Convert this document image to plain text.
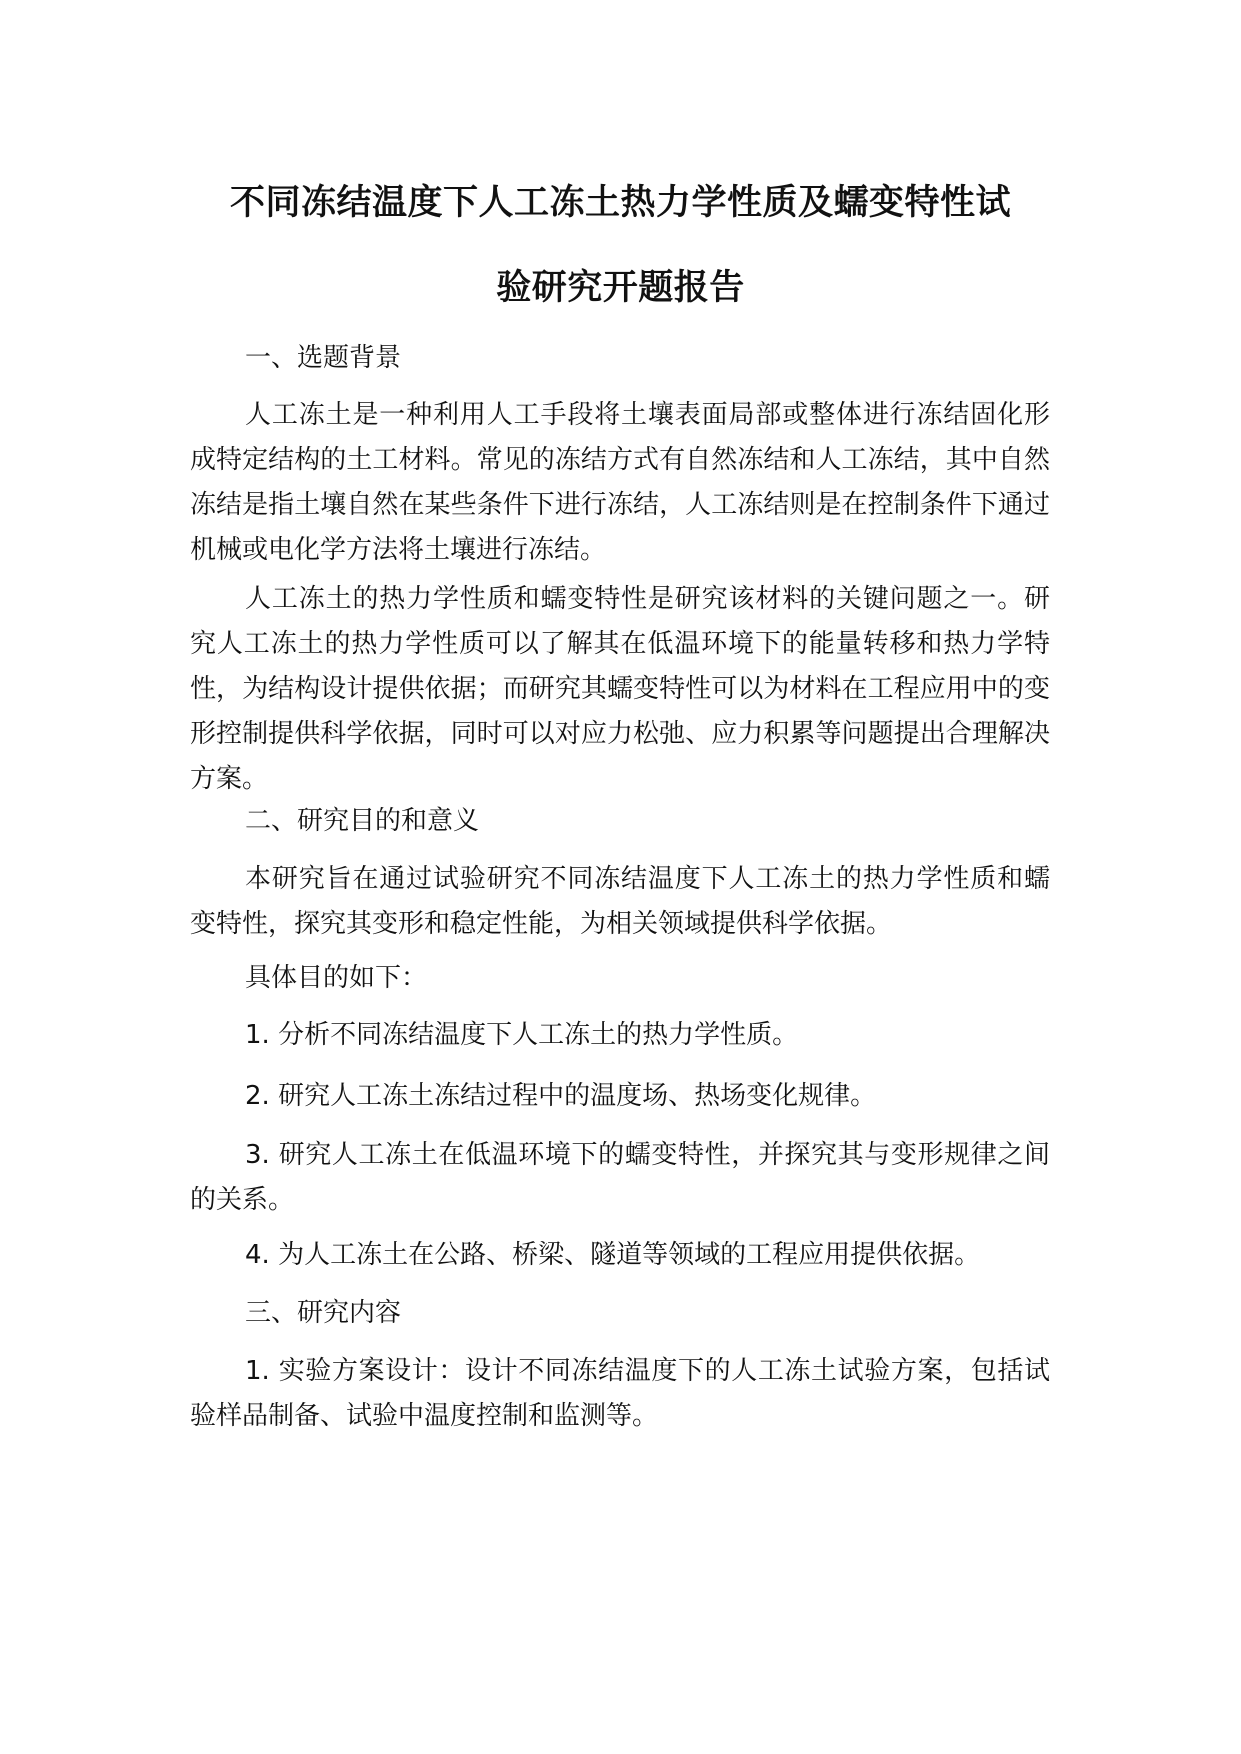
不同冻结温度下人工冻土热力学性质及蠕变特性试
验研究开题报告

一、选题背景

人工冻土是一种利用人工手段将土壤表面局部或整体进行冻结固化形成特定结构的土工材料。常见的冻结方式有自然冻结和人工冻结，其中自然冻结是指土壤自然在某些条件下进行冻结，人工冻结则是在控制条件下通过机械或电化学方法将土壤进行冻结。

人工冻土的热力学性质和蠕变特性是研究该材料的关键问题之一。研究人工冻土的热力学性质可以了解其在低温环境下的能量转移和热力学特性，为结构设计提供依据；而研究其蠕变特性可以为材料在工程应用中的变形控制提供科学依据，同时可以对应力松弛、应力积累等问题提出合理解决方案。

二、研究目的和意义

本研究旨在通过试验研究不同冻结温度下人工冻土的热力学性质和蠕变特性，探究其变形和稳定性能，为相关领域提供科学依据。

具体目的如下：

1. 分析不同冻结温度下人工冻土的热力学性质。

2. 研究人工冻土冻结过程中的温度场、热场变化规律。

3. 研究人工冻土在低温环境下的蠕变特性，并探究其与变形规律之间的关系。

4. 为人工冻土在公路、桥梁、隧道等领域的工程应用提供依据。

三、研究内容

1. 实验方案设计：设计不同冻结温度下的人工冻土试验方案，包括试验样品制备、试验中温度控制和监测等。
